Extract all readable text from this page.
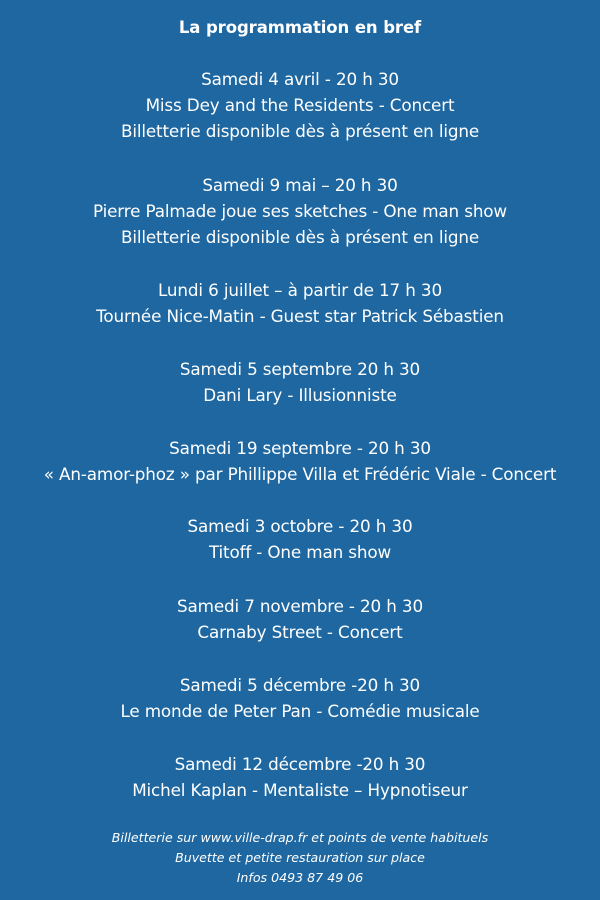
La programmation en bref
Samedi 4 avril - 20 h 30
Miss Dey and the Residents - Concert
Billetterie disponible dès à présent en ligne
Samedi 9 mai – 20 h 30
Pierre Palmade joue ses sketches - One man show
Billetterie disponible dès à présent en ligne
Lundi 6 juillet – à partir de 17 h 30
Tournée Nice-Matin - Guest star Patrick Sébastien
Samedi 5 septembre 20 h 30
Dani Lary - Illusionniste
Samedi 19 septembre - 20 h 30
« An-amor-phoz » par Phillippe Villa et Frédéric Viale - Concert
Samedi 3 octobre - 20 h 30
Titoff - One man show
Samedi 7 novembre - 20 h 30
Carnaby Street - Concert
Samedi 5 décembre -20 h 30
Le monde de Peter Pan - Comédie musicale
Samedi 12 décembre -20 h 30
Michel Kaplan - Mentaliste – Hypnotiseur
Billetterie sur www.ville-drap.fr et points de vente habituels
Buvette et petite restauration sur place
Infos 0493 87 49 06
